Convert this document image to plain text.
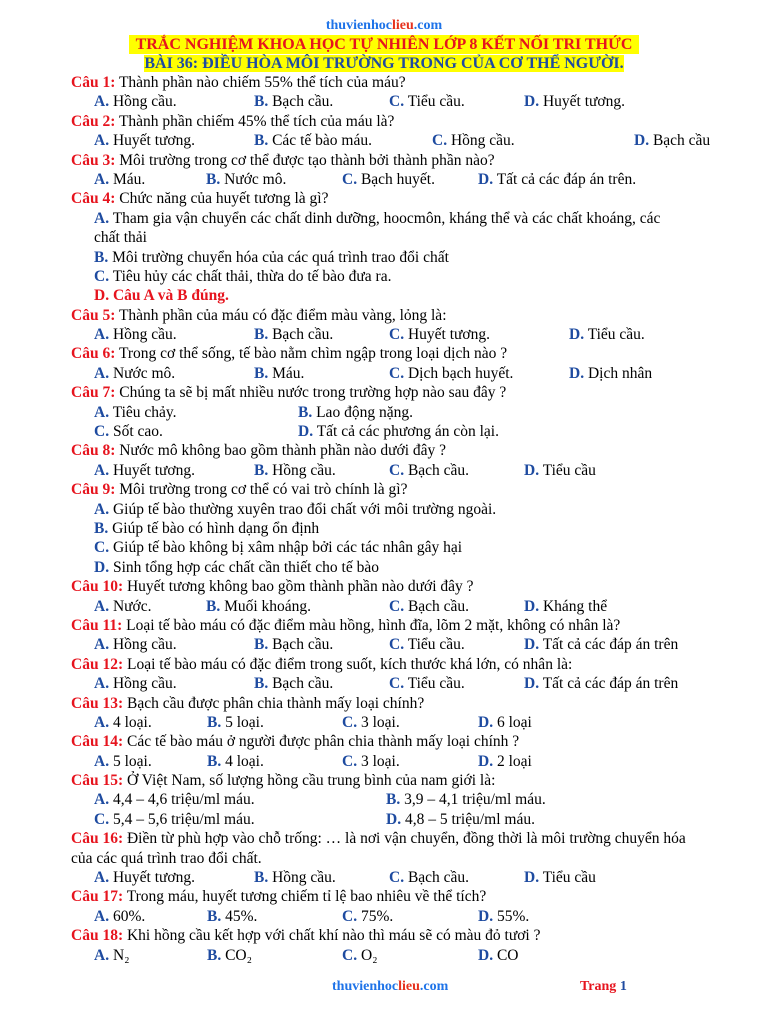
thuvienhoclieu.com
TRẮC NGHIỆM KHOA HỌC TỰ NHIÊN LỚP 8 KẾT NỐI TRI THỨC
BÀI 36: ĐIỀU HÒA MÔI TRƯỜNG TRONG CỦA CƠ THỂ NGƯỜI.
Câu 1: Thành phần nào chiếm 55% thể tích của máu?
A. Hồng cầu.	B. Bạch cầu.	C. Tiểu cầu.	D. Huyết tương.
Câu 2: Thành phần chiếm 45% thể tích của máu là?
A. Huyết tương.	B. Các tế bào máu.	C. Hồng cầu.	D. Bạch cầu
Câu 3: Môi trường trong cơ thể được tạo thành bởi thành phần nào?
A. Máu.	B. Nước mô.	C. Bạch huyết.	D. Tất cả các đáp án trên.
Câu 4: Chức năng của huyết tương là gì?
A. Tham gia vận chuyển các chất dinh dưỡng, hoocmôn, kháng thể và các chất khoáng, các
chất thải
B. Môi trường chuyển hóa của các quá trình trao đổi chất
C. Tiêu hủy các chất thải, thừa do tế bào đưa ra.
D. Câu A và B đúng.
Câu 5: Thành phần của máu có đặc điểm màu vàng, lỏng là:
A. Hồng cầu.	B. Bạch cầu.	C. Huyết tương.	D. Tiểu cầu.
Câu 6: Trong cơ thể sống, tế bào nằm chìm ngập trong loại dịch nào ?
A. Nước mô.	B. Máu.	C. Dịch bạch huyết.	D. Dịch nhân
Câu 7: Chúng ta sẽ bị mất nhiều nước trong trường hợp nào sau đây ?
A. Tiêu chảy.	B. Lao động nặng.
C. Sốt cao.	D. Tất cả các phương án còn lại.
Câu 8: Nước mô không bao gồm thành phần nào dưới đây ?
A. Huyết tương.	B. Hồng cầu.	C. Bạch cầu.	D. Tiểu cầu
Câu 9: Môi trường trong cơ thể có vai trò chính là gì?
A. Giúp tế bào thường xuyên trao đổi chất với môi trường ngoài.
B. Giúp tế bào có hình dạng ổn định
C. Giúp tế bào không bị xâm nhập bởi các tác nhân gây hại
D. Sinh tổng hợp các chất cần thiết cho tế bào
Câu 10: Huyết tương không bao gồm thành phần nào dưới đây ?
A. Nước.	B. Muối khoáng.	C. Bạch cầu.	D. Kháng thể
Câu 11: Loại tế bào máu có đặc điểm màu hồng, hình đĩa, lõm 2 mặt, không có nhân là?
A. Hồng cầu.	B. Bạch cầu.	C. Tiểu cầu.	D. Tất cả các đáp án trên
Câu 12: Loại tế bào máu có đặc điểm trong suốt, kích thước khá lớn, có nhân là:
A. Hồng cầu.	B. Bạch cầu.	C. Tiểu cầu.	D. Tất cả các đáp án trên
Câu 13: Bạch cầu được phân chia thành mấy loại chính?
A. 4 loại.	B. 5 loại.	C. 3 loại.	D. 6 loại
Câu 14: Các tế bào máu ở người được phân chia thành mấy loại chính ?
A. 5 loại.	B. 4 loại.	C. 3 loại.	D. 2 loại
Câu 15: Ở Việt Nam, số lượng hồng cầu trung bình của nam giới là:
A. 4,4 – 4,6 triệu/ml máu.	B. 3,9 – 4,1 triệu/ml máu.
C. 5,4 – 5,6 triệu/ml máu.	D. 4,8 – 5 triệu/ml máu.
Câu 16: Điền từ phù hợp vào chỗ trống: … là nơi vận chuyển, đồng thời là môi trường chuyển hóa
của các quá trình trao đổi chất.
A. Huyết tương.	B. Hồng cầu.	C. Bạch cầu.	D. Tiểu cầu
Câu 17: Trong máu, huyết tương chiếm tỉ lệ bao nhiêu về thể tích?
A. 60%.	B. 45%.	C. 75%.	D. 55%.
Câu 18: Khi hồng cầu kết hợp với chất khí nào thì máu sẽ có màu đỏ tươi ?
A. N₂	B. CO₂	C. O₂	D. CO
thuvienhoclieu.com	Trang 1
